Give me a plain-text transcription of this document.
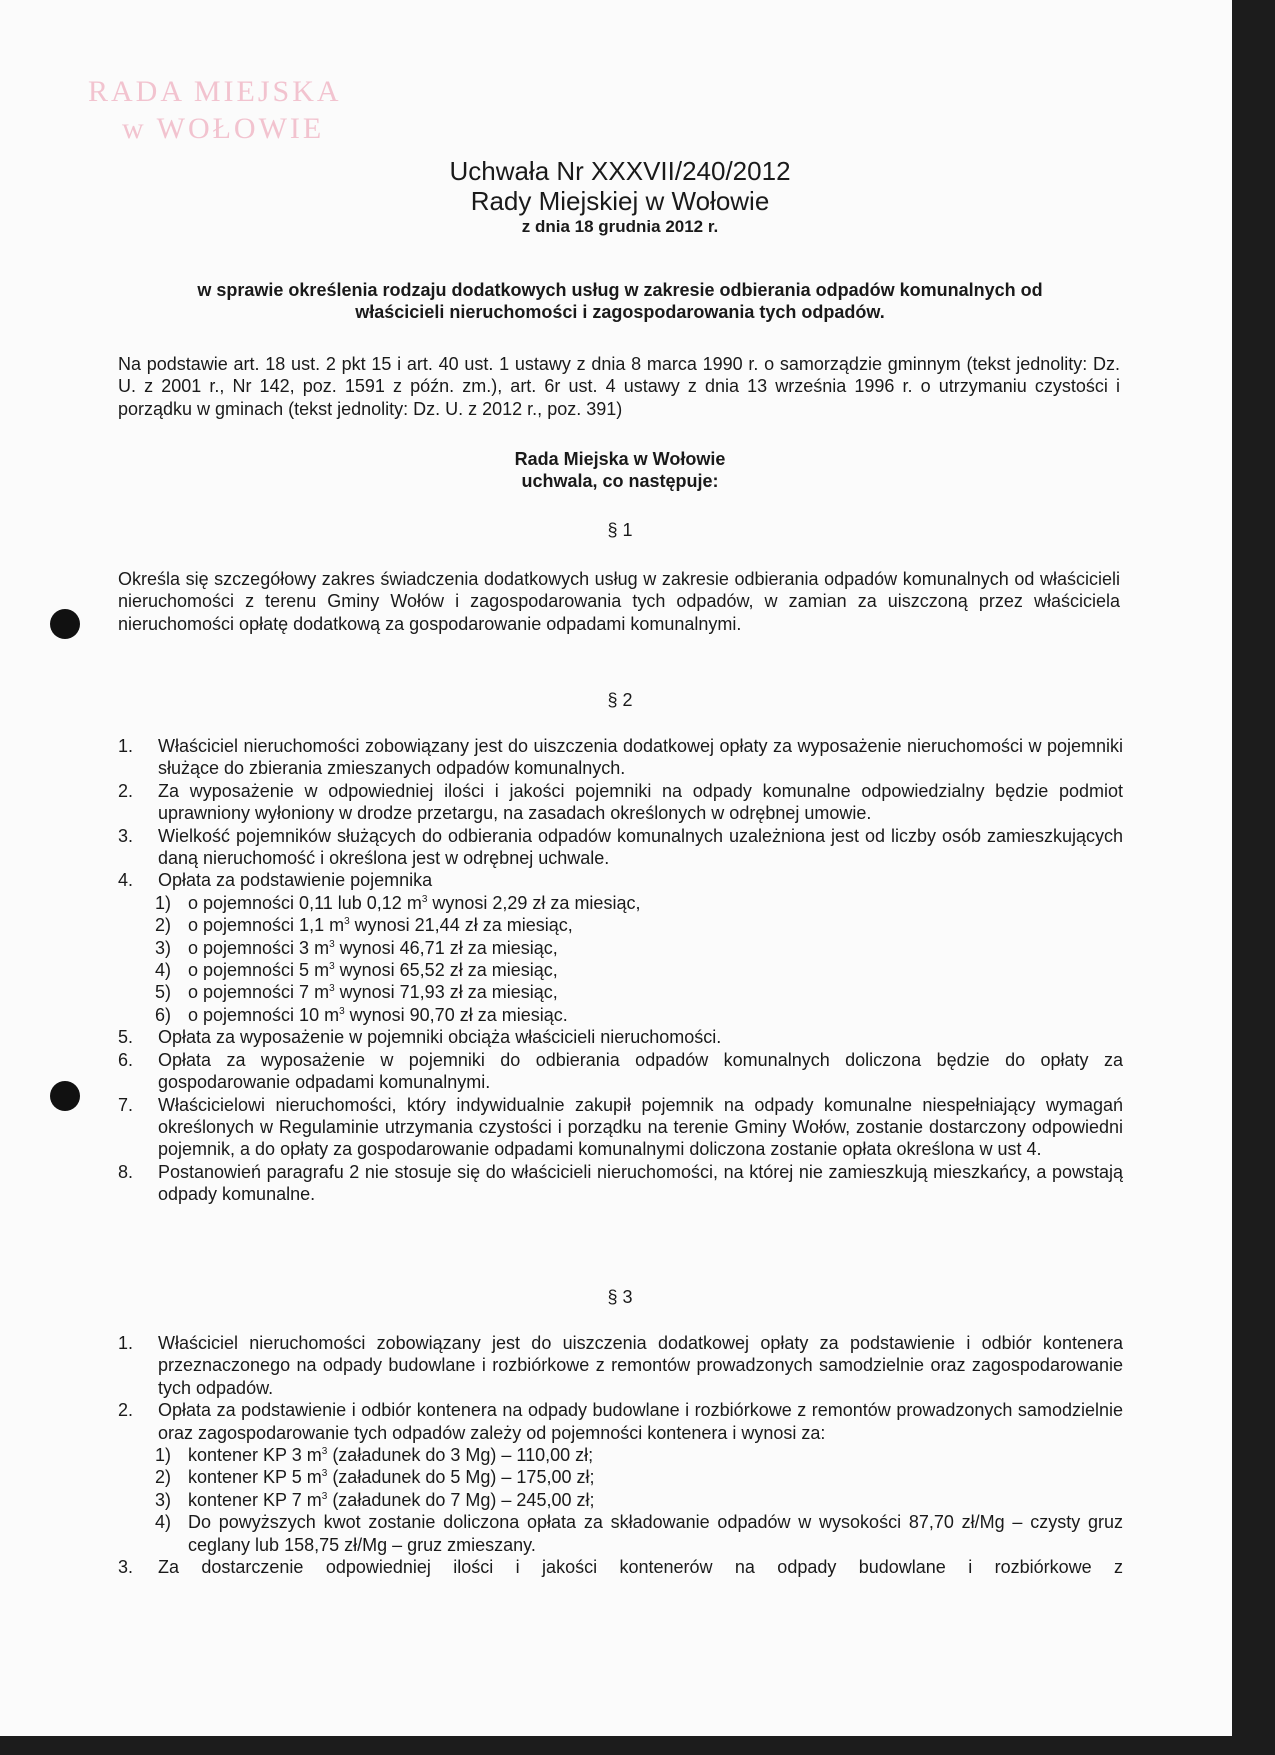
RADA MIEJSKA
w WOŁOWIE
Uchwała Nr XXXVII/240/2012
Rady Miejskiej w Wołowie
z dnia 18 grudnia 2012 r.
w sprawie określenia rodzaju dodatkowych usług w zakresie odbierania odpadów komunalnych od
właścicieli nieruchomości i zagospodarowania tych odpadów.
Na podstawie art. 18 ust. 2 pkt 15 i art. 40 ust. 1 ustawy z dnia 8 marca 1990 r. o samorządzie gminnym (tekst jednolity: Dz. U. z 2001 r., Nr 142, poz. 1591 z późn. zm.), art. 6r ust. 4 ustawy z dnia 13 września 1996 r. o utrzymaniu czystości i porządku w gminach (tekst jednolity: Dz. U. z 2012 r., poz. 391)
Rada Miejska w Wołowie
uchwala, co następuje:
§ 1
Określa się szczegółowy zakres świadczenia dodatkowych usług w zakresie odbierania odpadów komunalnych od właścicieli nieruchomości z terenu Gminy Wołów i zagospodarowania tych odpadów, w zamian za uiszczoną przez właściciela nieruchomości opłatę dodatkową za gospodarowanie odpadami komunalnymi.
§ 2
1. Właściciel nieruchomości zobowiązany jest do uiszczenia dodatkowej opłaty za wyposażenie nieruchomości w pojemniki służące do zbierania zmieszanych odpadów komunalnych.
2. Za wyposażenie w odpowiedniej ilości i jakości pojemniki na odpady komunalne odpowiedzialny będzie podmiot uprawniony wyłoniony w drodze przetargu, na zasadach określonych w odrębnej umowie.
3. Wielkość pojemników służących do odbierania odpadów komunalnych uzależniona jest od liczby osób zamieszkujących daną nieruchomość i określona jest w odrębnej uchwale.
4. Opłata za podstawienie pojemnika
1) o pojemności 0,11 lub 0,12 $m^3$ wynosi 2,29 zł za miesiąc,
2) o pojemności 1,1 $m^3$ wynosi 21,44 zł za miesiąc,
3) o pojemności 3 $m^3$ wynosi 46,71 zł za miesiąc,
4) o pojemności 5 $m^3$ wynosi 65,52 zł za miesiąc,
5) o pojemności 7 $m^3$ wynosi 71,93 zł za miesiąc,
6) o pojemności 10 $m^3$ wynosi 90,70 zł za miesiąc.
5. Opłata za wyposażenie w pojemniki obciąża właścicieli nieruchomości.
6. Opłata za wyposażenie w pojemniki do odbierania odpadów komunalnych doliczona będzie do opłaty za gospodarowanie odpadami komunalnymi.
7. Właścicielowi nieruchomości, który indywidualnie zakupił pojemnik na odpady komunalne niespełniający wymagań określonych w Regulaminie utrzymania czystości i porządku na terenie Gminy Wołów, zostanie dostarczony odpowiedni pojemnik, a do opłaty za gospodarowanie odpadami komunalnymi doliczona zostanie opłata określona w ust 4.
8. Postanowień paragrafu 2 nie stosuje się do właścicieli nieruchomości, na której nie zamieszkują mieszkańcy, a powstają odpady komunalne.
§ 3
1. Właściciel nieruchomości zobowiązany jest do uiszczenia dodatkowej opłaty za podstawienie i odbiór kontenera przeznaczonego na odpady budowlane i rozbiórkowe z remontów prowadzonych samodzielnie oraz zagospodarowanie tych odpadów.
2. Opłata za podstawienie i odbiór kontenera na odpady budowlane i rozbiórkowe z remontów prowadzonych samodzielnie oraz zagospodarowanie tych odpadów zależy od pojemności kontenera i wynosi za:
1) kontener KP 3 $m^3$ (załadunek do 3 Mg) – 110,00 zł;
2) kontener KP 5 $m^3$ (załadunek do 5 Mg) – 175,00 zł;
3) kontener KP 7 $m^3$ (załadunek do 7 Mg) – 245,00 zł;
4) Do powyższych kwot zostanie doliczona opłata za składowanie odpadów w wysokości 87,70 zł/Mg – czysty gruz ceglany lub 158,75 zł/Mg – gruz zmieszany.
3. Za dostarczenie odpowiedniej ilości i jakości kontenerów na odpady budowlane i rozbiórkowe z
